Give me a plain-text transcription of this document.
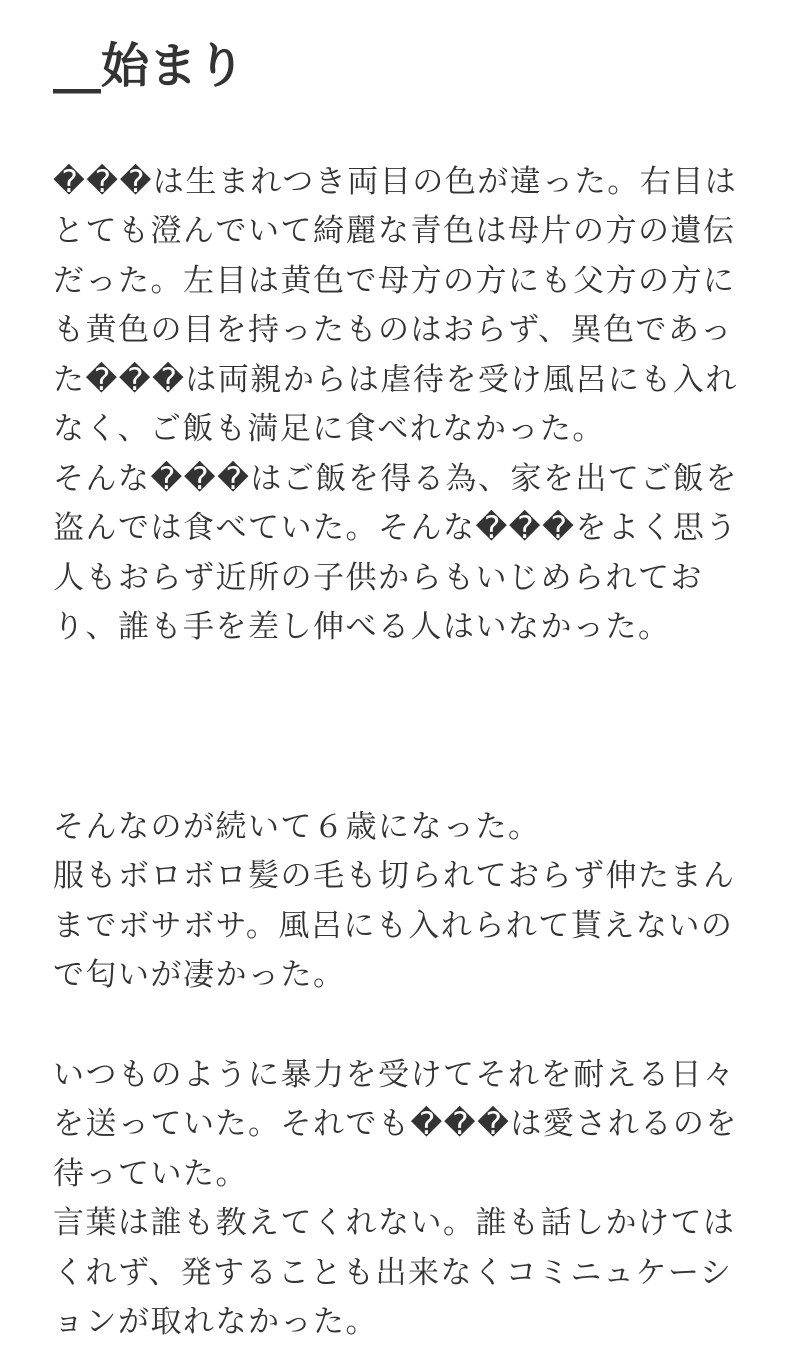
__始まり
���は生まれつき両目の色が違った。右目は
とても澄んでいて綺麗な青色は母片の方の遺伝
だった。左目は黄色で母方の方にも父方の方に
も黄色の目を持ったものはおらず、異色であっ
た���は両親からは虐待を受け風呂にも入れ
なく、ご飯も満足に食べれなかった。
そんな���はご飯を得る為、家を出てご飯を
盗んでは食べていた。そんな���をよく思う
人もおらず近所の子供からもいじめられてお
り、誰も手を差し伸べる人はいなかった。
そんなのが続いて６歳になった。
服もボロボロ髪の毛も切られておらず伸たまん
までボサボサ。風呂にも入れられて貰えないの
で匂いが凄かった。
いつものように暴力を受けてそれを耐える日々
を送っていた。それでも���は愛されるのを
待っていた。
言葉は誰も教えてくれない。誰も話しかけては
くれず、発することも出来なくコミニュケーシ
ョンが取れなかった。
